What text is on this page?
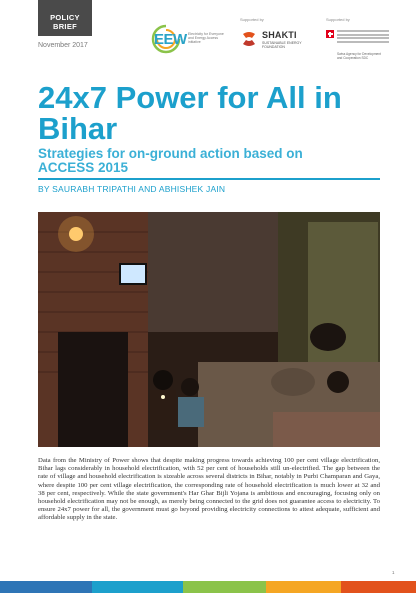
POLICY
BRIEF
November 2017	EEW Electricity for Everyone
and Energy Access
initiative
Supported by
SHAKTI
SUSTAINABLE ENERGY
FOUNDATION
Supported by
Swiss Agency for Development
and Cooperation SDC
24x7 Power for All in Bihar
Strategies for on-ground action based on ACCESS 2015
BY SAURABH TRIPATHI AND ABHISHEK JAIN
Data from the Ministry of Power shows that despite making progress towards achieving 100 per cent village electrification, Bihar lags considerably in household electrification, with 52 per cent of households still un-electrified. The gap between the rate of village and household electrification is sizeable across several districts in Bihar, notably in Purbi Champaran and Gaya, where despite 100 per cent village electrification, the corresponding rate of household electrification is much lower at 32 and 38 per cent, respectively. While the state government's Har Ghar Bijli Yojana is ambitious and encouraging, focusing only on household electrification may not be enough, as merely being connected to the grid does not guarantee access to electricity. To ensure 24x7 power for all, the government must go beyond providing electricity connections to attest adequate, sufficient and affordable supply in the state.
1
